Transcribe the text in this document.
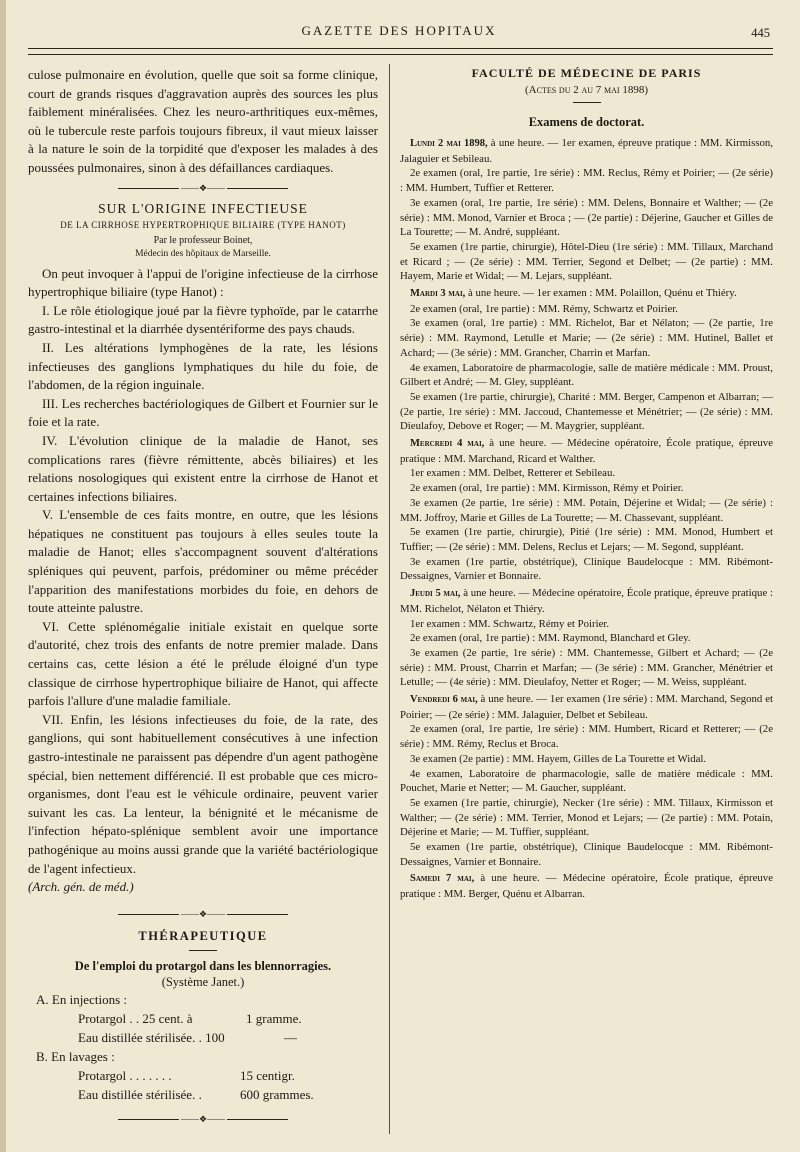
GAZETTE DES HOPITAUX	445

culose pulmonaire en évolution, quelle que soit sa forme clinique, court de grands risques d'aggravation auprès des sources les plus faiblement minéralisées. Chez les neuro-arthritiques eux-mêmes, où le tubercule reste parfois toujours fibreux, il vaut mieux laisser à la nature le soin de la torpidité que d'exposer les malades à des poussées pulmonaires, sinon à des défaillances cardiaques.

——❖——
SUR L'ORIGINE INFECTIEUSE
DE LA CIRRHOSE HYPERTROPHIQUE BILIAIRE (TYPE HANOT)
Par le professeur Boinet,
Médecin des hôpitaux de Marseille.

On peut invoquer à l'appui de l'origine infectieuse de la cirrhose hypertrophique biliaire (type Hanot) :

I. Le rôle étiologique joué par la fièvre typhoïde, par le catarrhe gastro-intestinal et la diarrhée dysentériforme des pays chauds.

II. Les altérations lymphogènes de la rate, les lésions infectieuses des ganglions lymphatiques du hile du foie, de l'abdomen, de la région inguinale.

III. Les recherches bactériologiques de Gilbert et Fournier sur le foie et la rate.

IV. L'évolution clinique de la maladie de Hanot, ses complications rares (fièvre rémittente, abcès biliaires) et les relations nosologiques qui existent entre la cirrhose de Hanot et certaines infections biliaires.

V. L'ensemble de ces faits montre, en outre, que les lésions hépatiques ne constituent pas toujours à elles seules toute la maladie de Hanot; elles s'accompagnent souvent d'altérations spléniques qui peuvent, parfois, prédominer ou même précéder l'apparition des manifestations morbides du foie, en dehors de toute atteinte palustre.

VI. Cette splénomégalie initiale existait en quelque sorte d'autorité, chez trois des enfants de notre premier malade. Dans certains cas, cette lésion a été le prélude éloigné d'un type classique de cirrhose hypertrophique biliaire de Hanot, qui affecte parfois l'allure d'une maladie familiale.

VII. Enfin, les lésions infectieuses du foie, de la rate, des ganglions, qui sont habituellement consécutives à une infection gastro-intestinale ne paraissent pas dépendre d'un agent pathogène spécial, bien nettement différencié. Il est probable que ces micro-organismes, dont l'eau est le véhicule ordinaire, peuvent varier suivant les cas. La lenteur, la bénignité et le mécanisme de l'infection hépato-splénique semblent avoir une importance pathogénique au moins aussi grande que la variété bactériologique de l'agent infectieux.

(Arch. gén. de méd.)

——❖——
THÉRAPEUTIQUE
De l'emploi du protargol dans les blennorragies.
(Système Janet.)
A. En injections :
Protargol . . 25 cent. à	1 gramme.
Eau distillée stérilisée. . 100	—
B. En lavages :
Protargol . . . . . . .	15 centigr.
Eau distillée stérilisée. .	600 grammes.
——❖——
FACULTÉ DE MÉDECINE DE PARIS
(Actes du 2 au 7 mai 1898)
Examens de doctorat.

Lundi 2 mai 1898, à une heure. — 1er examen, épreuve pratique : MM. Kirmisson, Jalaguier et Sebileau.

2e examen (oral, 1re partie, 1re série) : MM. Reclus, Rémy et Poirier; — (2e série) : MM. Humbert, Tuffier et Retterer.

3e examen (oral, 1re partie, 1re série) : MM. Delens, Bonnaire et Walther; — (2e série) : MM. Monod, Varnier et Broca ; — (2e partie) : Déjerine, Gaucher et Gilles de La Tourette; — M. André, suppléant.

5e examen (1re partie, chirurgie), Hôtel-Dieu (1re série) : MM. Tillaux, Marchand et Ricard ; — (2e série) : MM. Terrier, Segond et Delbet; — (2e partie) : MM. Hayem, Marie et Widal; — M. Lejars, suppléant.

Mardi 3 mai, à une heure. — 1er examen : MM. Polaillon, Quénu et Thiéry.

2e examen (oral, 1re partie) : MM. Rémy, Schwartz et Poirier.

3e examen (oral, 1re partie) : MM. Richelot, Bar et Nélaton; — (2e partie, 1re série) : MM. Raymond, Letulle et Marie; — (2e série) : MM. Hutinel, Ballet et Achard; — (3e série) : MM. Grancher, Charrin et Marfan.

4e examen, Laboratoire de pharmacologie, salle de matière médicale : MM. Proust, Gilbert et André; — M. Gley, suppléant.

5e examen (1re partie, chirurgie), Charité : MM. Berger, Campenon et Albarran; — (2e partie, 1re série) : MM. Jaccoud, Chantemesse et Ménétrier; — (2e série) : MM. Dieulafoy, Debove et Roger; — M. Maygrier, suppléant.

Mercredi 4 mai, à une heure. — Médecine opératoire, École pratique, épreuve pratique : MM. Marchand, Ricard et Walther.

1er examen : MM. Delbet, Retterer et Sebileau.

2e examen (oral, 1re partie) : MM. Kirmisson, Rémy et Poirier.

3e examen (2e partie, 1re série) : MM. Potain, Déjerine et Widal; — (2e série) : MM. Joffroy, Marie et Gilles de La Tourette; — M. Chassevant, suppléant.

5e examen (1re partie, chirurgie), Pitié (1re série) : MM. Monod, Humbert et Tuffier; — (2e série) : MM. Delens, Reclus et Lejars; — M. Segond, suppléant.

3e examen (1re partie, obstétrique), Clinique Baudelocque : MM. Ribémont-Dessaignes, Varnier et Bonnaire.

Jeudi 5 mai, à une heure. — Médecine opératoire, École pratique, épreuve pratique : MM. Richelot, Nélaton et Thiéry.

1er examen : MM. Schwartz, Rémy et Poirier.

2e examen (oral, 1re partie) : MM. Raymond, Blanchard et Gley.

3e examen (2e partie, 1re série) : MM. Chantemesse, Gilbert et Achard; — (2e série) : MM. Proust, Charrin et Marfan; — (3e série) : MM. Grancher, Ménétrier et Letulle; — (4e série) : MM. Dieulafoy, Netter et Roger; — M. Weiss, suppléant.

Vendredi 6 mai, à une heure. — 1er examen (1re série) : MM. Marchand, Segond et Poirier; — (2e série) : MM. Jalaguier, Delbet et Sebileau.

2e examen (oral, 1re partie, 1re série) : MM. Humbert, Ricard et Retterer; — (2e série) : MM. Rémy, Reclus et Broca.

3e examen (2e partie) : MM. Hayem, Gilles de La Tourette et Widal.

4e examen, Laboratoire de pharmacologie, salle de matière médicale : MM. Pouchet, Marie et Netter; — M. Gaucher, suppléant.

5e examen (1re partie, chirurgie), Necker (1re série) : MM. Tillaux, Kirmisson et Walther; — (2e série) : MM. Terrier, Monod et Lejars; — (2e partie) : MM. Potain, Déjerine et Marie; — M. Tuffier, suppléant.

5e examen (1re partie, obstétrique), Clinique Baudelocque : MM. Ribémont-Dessaignes, Varnier et Bonnaire.

Samedi 7 mai, à une heure. — Médecine opératoire, École pratique, épreuve pratique : MM. Berger, Quénu et Albarran.
